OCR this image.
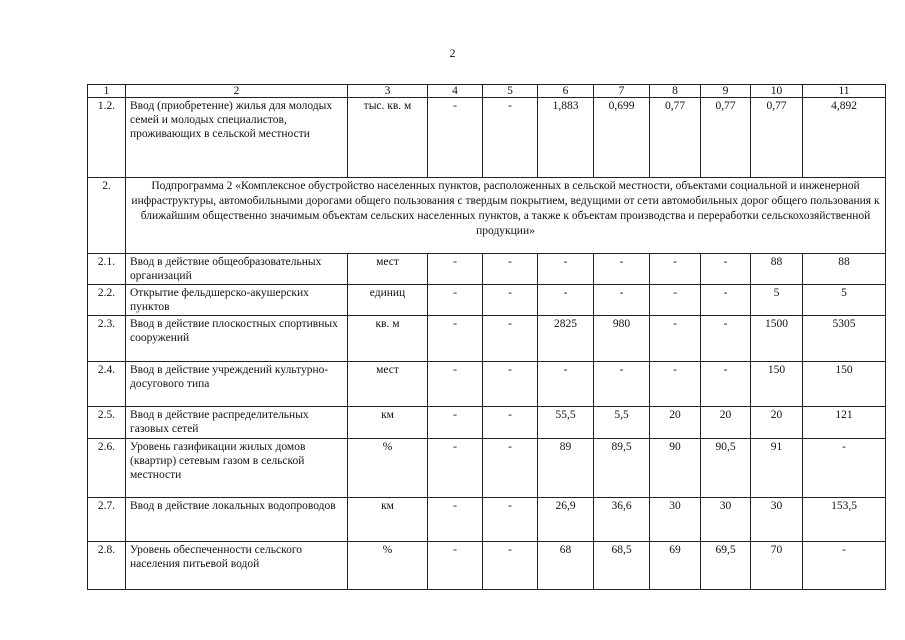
2
1	2	3	4	5	6	7	8	9	10	11
1.2.	Ввод (приобретение) жилья для молодых семей и молодых специалистов, проживающих в сельской местности	тыс. кв. м	-	-	1,883	0,699	0,77	0,77	0,77	4,892
2.	Подпрограмма 2 «Комплексное обустройство населенных пунктов, расположенных в сельской местности, объектами социальной и инженерной инфраструктуры, автомобильными дорогами общего пользования с твердым покрытием, ведущими от сети автомобильных дорог общего пользования к ближайшим общественно значимым объектам сельских населенных пунктов, а также к объектам производства и переработки сельскохозяйственной продукции»									
2.1.	Ввод в действие общеобразовательных организаций	мест	-	-	-	-	-	-	88	88
2.2.	Открытие фельдшерско-акушерских пунктов	единиц	-	-	-	-	-	-	5	5
2.3.	Ввод в действие плоскостных спортивных сооружений	кв. м	-	-	2825	980	-	-	1500	5305
2.4.	Ввод в действие учреждений культурно-досугового типа	мест	-	-	-	-	-	-	150	150
2.5.	Ввод в действие распределительных газовых сетей	км	-	-	55,5	5,5	20	20	20	121
2.6.	Уровень газификации жилых домов (квартир) сетевым газом в сельской местности	%	-	-	89	89,5	90	90,5	91	-
2.7.	Ввод в действие локальных водопроводов	км	-	-	26,9	36,6	30	30	30	153,5
2.8.	Уровень обеспеченности сельского населения питьевой водой	%	-	-	68	68,5	69	69,5	70	-
